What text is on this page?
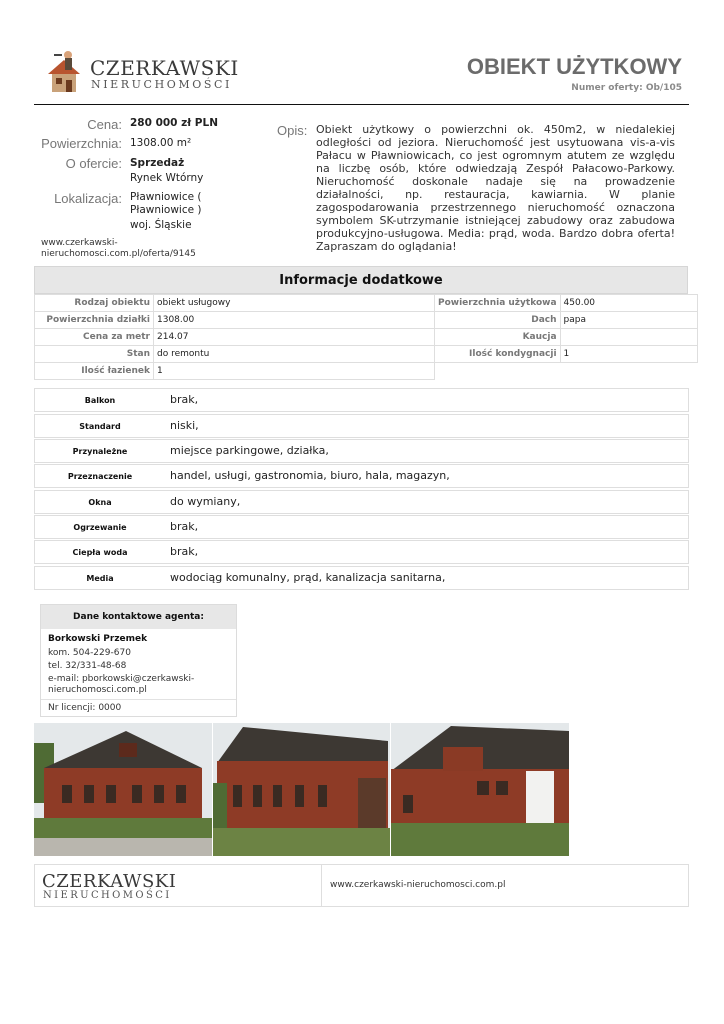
CZERKAWSKI
NIERUCHOMOŚCI
OBIEKT UŻYTKOWY
Numer oferty: Ob/105
Cena: 280 000 zł PLN
Powierzchnia: 1308.00 m²
O ofercie: Sprzedaż
Rynek Wtórny
Lokalizacja: Pławniowice ( Pławniowice )
woj. Śląskie
www.czerkawski-nieruchomosci.com.pl/oferta/9145
Opis: Obiekt użytkowy o powierzchni ok. 450m2, w niedalekiej odległości od jeziora. Nieruchomość jest usytuowana vis-a-vis Pałacu w Pławniowicach, co jest ogromnym atutem ze względu na liczbę osób, które odwiedzają Zespół Pałacowo-Parkowy. Nieruchomość doskonale nadaje się na prowadzenie działalności, np. restauracja, kawiarnia. W planie zagospodarowania przestrzennego nieruchomość oznaczona symbolem SK-utrzymanie istniejącej zabudowy oraz zabudowa produkcyjno-usługowa. Media: prąd, woda. Bardzo dobra oferta! Zapraszam do oglądania!
Informacje dodatkowe
Rodzaj obiektu	obiekt usługowy	Powierzchnia użytkowa	450.00
Powierzchnia działki	1308.00	Dach	papa
Cena za metr	214.07	Kaucja	
Stan	do remontu	Ilość kondygnacji	1
Ilość łazienek	1		
Balkon	brak,
Standard	niski,
Przynależne	miejsce parkingowe, działka,
Przeznaczenie	handel, usługi, gastronomia, biuro, hala, magazyn,
Okna	do wymiany,
Ogrzewanie	brak,
Ciepła woda	brak,
Media	wodociąg komunalny, prąd, kanalizacja sanitarna,
Dane kontaktowe agenta:
Borkowski Przemek
kom. 504-229-670
tel. 32/331-48-68
e-mail: pborkowski@czerkawski-nieruchomosci.com.pl
Nr licencji: 0000
CZERKAWSKI
NIERUCHOMOŚCI
www.czerkawski-nieruchomosci.com.pl
